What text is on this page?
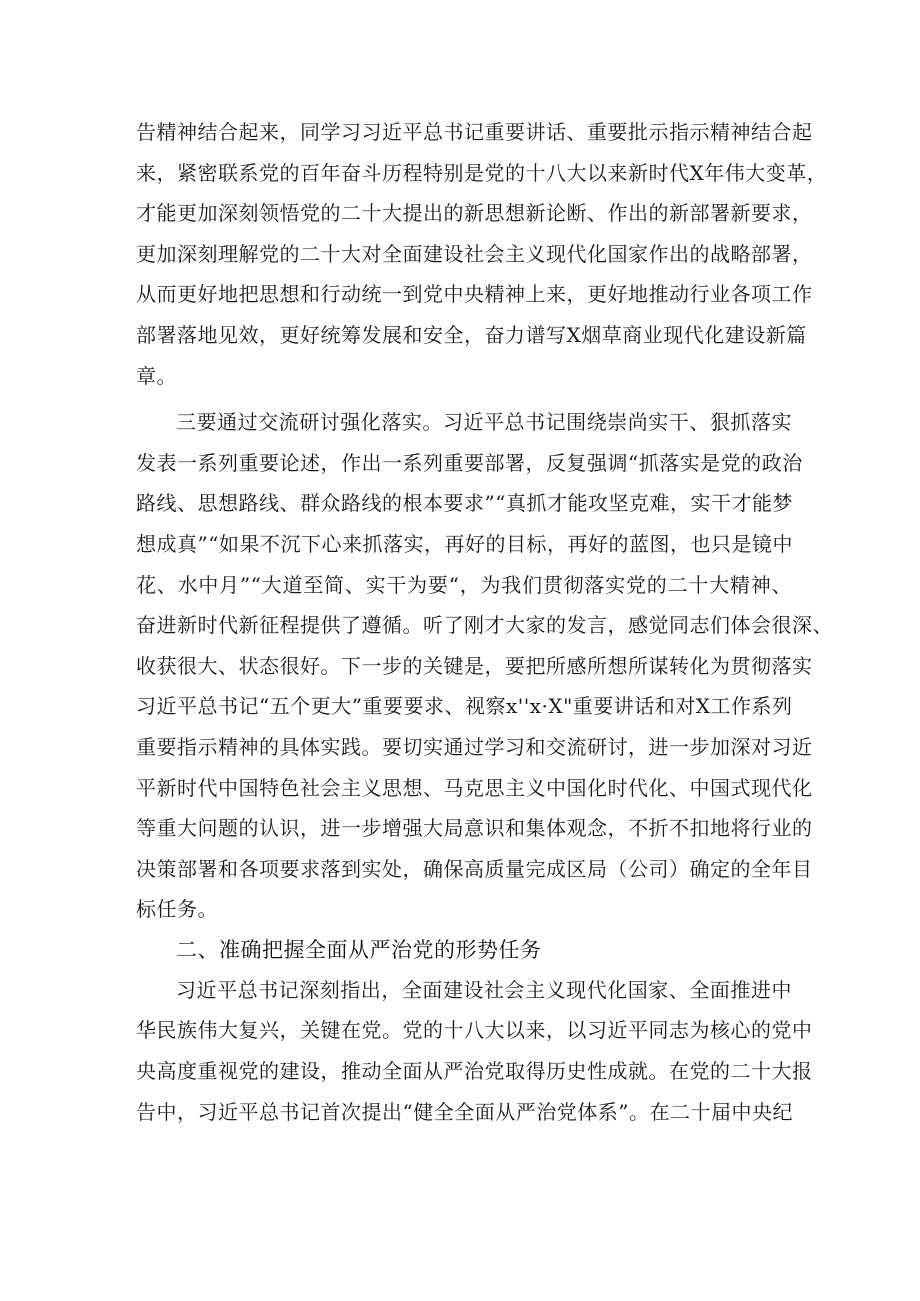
告精神结合起来，同学习习近平总书记重要讲话、重要批示指示精神结合起
来，紧密联系党的百年奋斗历程特别是党的十八大以来新时代X年伟大变革，
才能更加深刻领悟党的二十大提出的新思想新论断、作出的新部署新要求，
更加深刻理解党的二十大对全面建设社会主义现代化国家作出的战略部署，
从而更好地把思想和行动统一到党中央精神上来，更好地推动行业各项工作
部署落地见效，更好统筹发展和安全，奋力谱写X烟草商业现代化建设新篇
章。
三要通过交流研讨强化落实。习近平总书记围绕崇尚实干、狠抓落实
发表一系列重要论述，作出一系列重要部署，反复强调“抓落实是党的政治
路线、思想路线、群众路线的根本要求”“真抓才能攻坚克难，实干才能梦
想成真”“如果不沉下心来抓落实，再好的目标，再好的蓝图，也只是镜中
花、水中月”“大道至简、实干为要“，为我们贯彻落实党的二十大精神、
奋进新时代新征程提供了遵循。听了刚才大家的发言，感觉同志们体会很深、
收获很大、状态很好。下一步的关键是，要把所感所想所谋转化为贯彻落实
习近平总书记“五个更大”重要要求、视察x''x·X"重要讲话和对X工作系列
重要指示精神的具体实践。要切实通过学习和交流研讨，进一步加深对习近
平新时代中国特色社会主义思想、马克思主义中国化时代化、中国式现代化
等重大问题的认识，进一步增强大局意识和集体观念，不折不扣地将行业的
决策部署和各项要求落到实处，确保高质量完成区局（公司）确定的全年目
标任务。
二、准确把握全面从严治党的形势任务
习近平总书记深刻指出，全面建设社会主义现代化国家、全面推进中
华民族伟大复兴，关键在党。党的十八大以来，以习近平同志为核心的党中
央高度重视党的建设，推动全面从严治党取得历史性成就。在党的二十大报
告中，习近平总书记首次提出“健全全面从严治党体系”。在二十届中央纪
